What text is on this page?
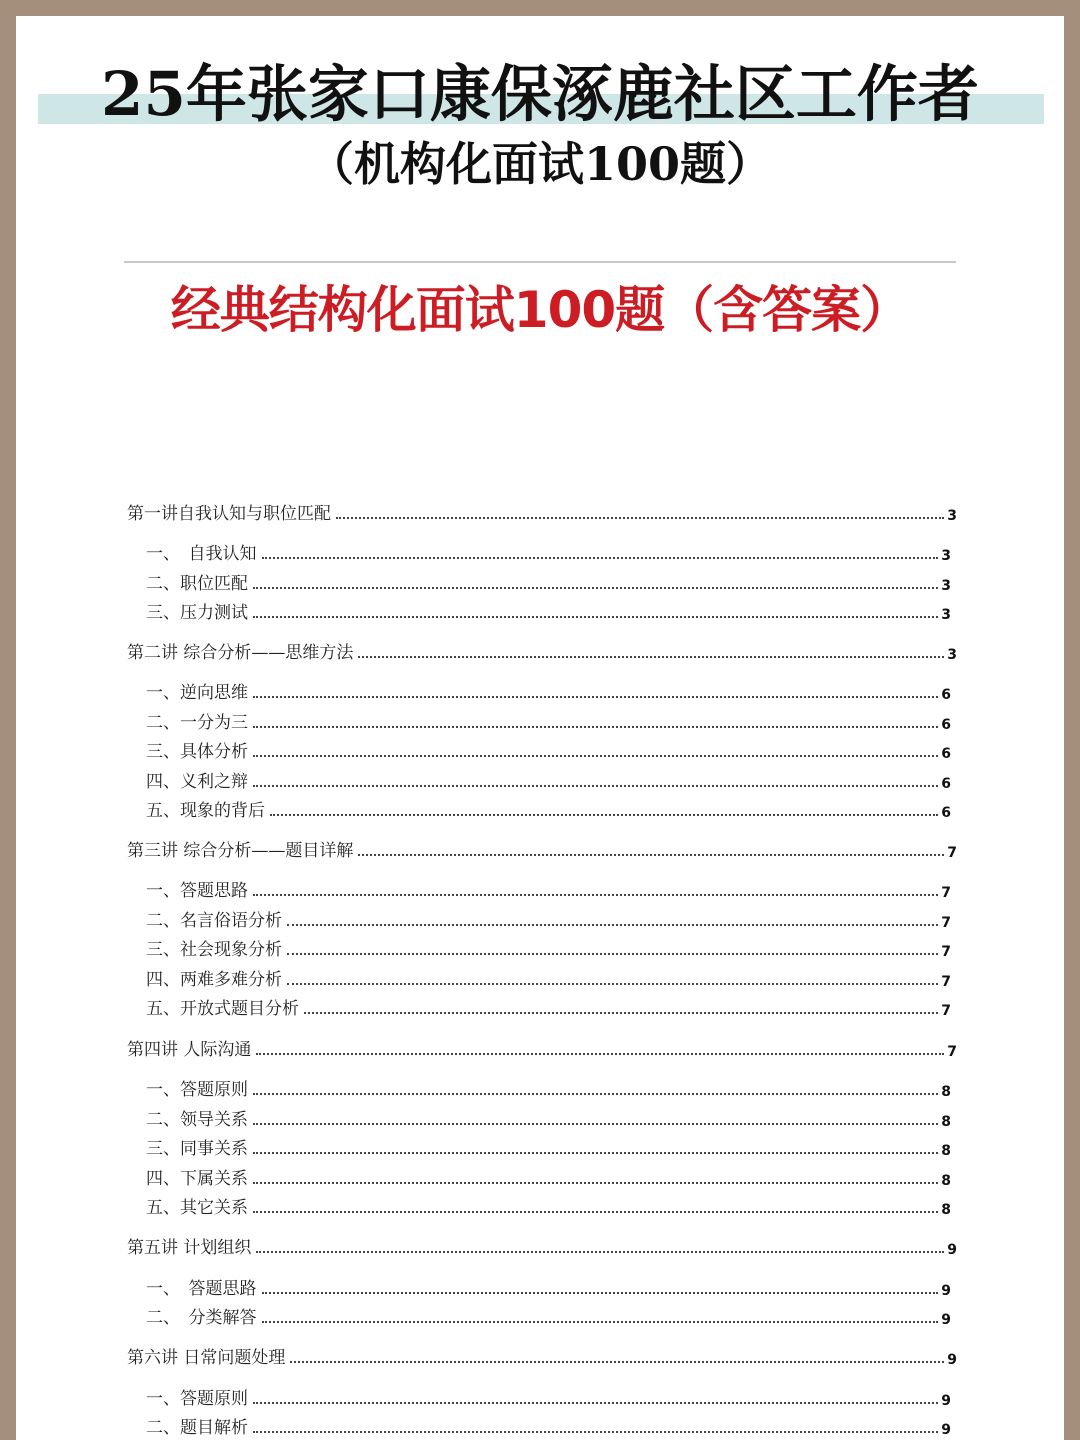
25年张家口康保涿鹿社区工作者
（机构化面试100题）
经典结构化面试100题（含答案）
第一讲自我认知与职位匹配	3
一、　自我认知	3
二、职位匹配	3
三、压力测试	3
第二讲 综合分析——思维方法	3
一、逆向思维	6
二、一分为三	6
三、具体分析	6
四、义利之辩	6
五、现象的背后	6
第三讲 综合分析——题目详解	7
一、答题思路	7
二、名言俗语分析	7
三、社会现象分析	7
四、两难多难分析	7
五、开放式题目分析	7
第四讲 人际沟通	7
一、答题原则	8
二、领导关系	8
三、同事关系	8
四、下属关系	8
五、其它关系	8
第五讲 计划组织	9
一、　答题思路	9
二、　分类解答	9
第六讲 日常问题处理	9
一、答题原则	9
二、题目解析	9
